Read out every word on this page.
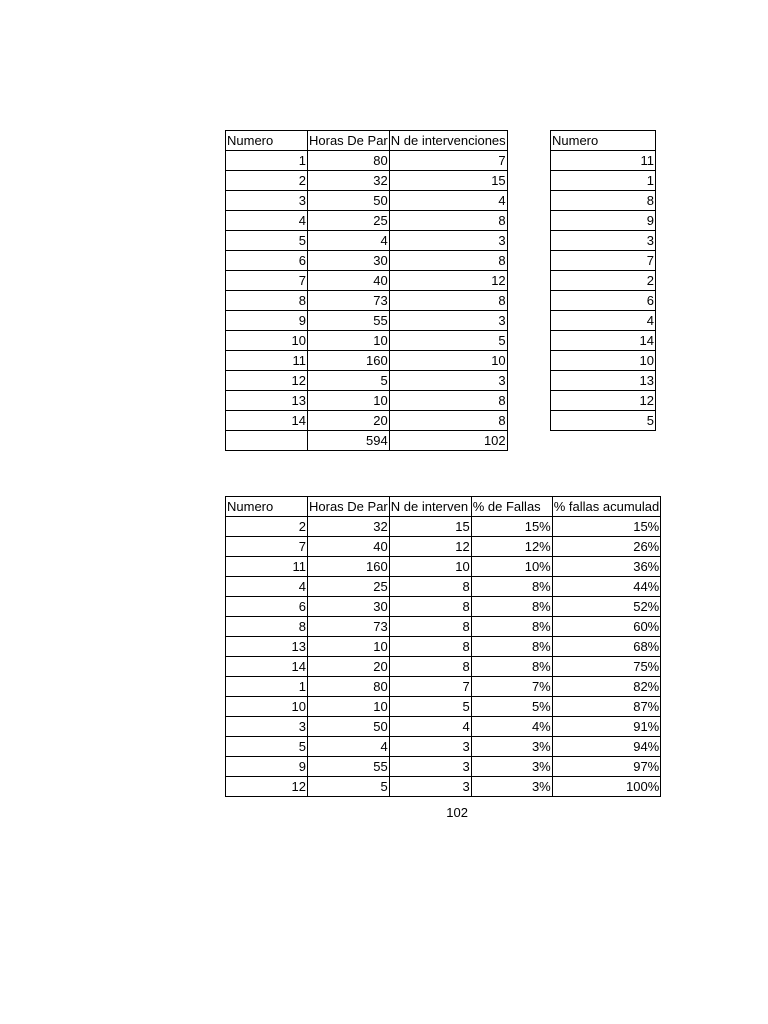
Numero	Horas De Par	N de intervenciones
1	80	7
2	32	15
3	50	4
4	25	8
5	4	3
6	30	8
7	40	12
8	73	8
9	55	3
10	10	5
11	160	10
12	5	3
13	10	8
14	20	8
	594	102
Numero
11
1
8
9
3
7
2
6
4
14
10
13
12
5
Numero	Horas De Par	N de interven	% de Fallas	% fallas acumulad
2	32	15	15%	15%
7	40	12	12%	26%
11	160	10	10%	36%
4	25	8	8%	44%
6	30	8	8%	52%
8	73	8	8%	60%
13	10	8	8%	68%
14	20	8	8%	75%
1	80	7	7%	82%
10	10	5	5%	87%
3	50	4	4%	91%
5	4	3	3%	94%
9	55	3	3%	97%
12	5	3	3%	100%
102
